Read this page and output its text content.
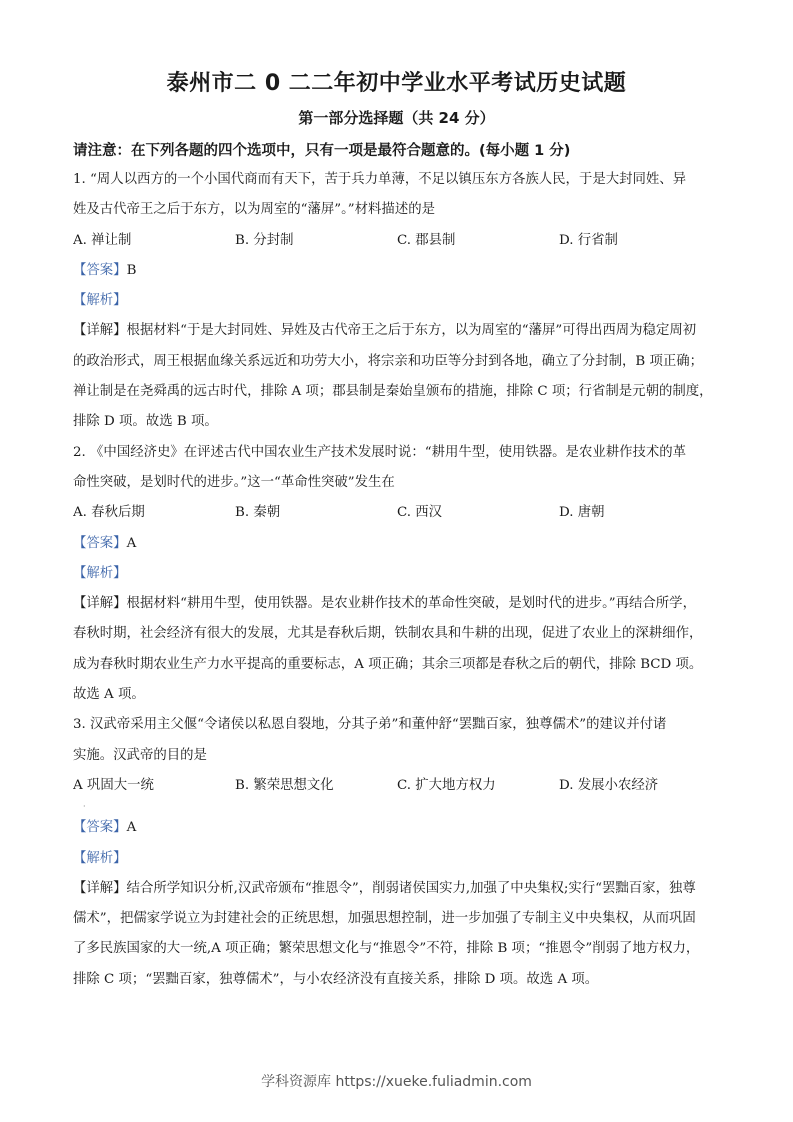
泰州市二 0 二二年初中学业水平考试历史试题
第一部分选择题（共 24 分）
请注意：在下列各题的四个选项中，只有一项是最符合题意的。(每小题 1 分)
1. “周人以西方的一个小国代商而有天下，苦于兵力单薄，不足以镇压东方各族人民，于是大封同姓、异
姓及古代帝王之后于东方，以为周室的“藩屏”。”材料描述的是
A. 禅让制	B. 分封制	C. 郡县制	D. 行省制
【答案】B
【解析】
【详解】根据材料“于是大封同姓、异姓及古代帝王之后于东方，以为周室的“藩屏”可得出西周为稳定周初
的政治形式，周王根据血缘关系远近和功劳大小，将宗亲和功臣等分封到各地，确立了分封制，B 项正确；
禅让制是在尧舜禹的远古时代，排除 A 项；郡县制是秦始皇颁布的措施，排除 C 项；行省制是元朝的制度，
排除 D 项。故选 B 项。
2. 《中国经济史》在评述古代中国农业生产技术发展时说：“耕用牛型，使用铁器。是农业耕作技术的革
命性突破，是划时代的进步。”这一“革命性突破”发生在
A. 春秋后期	B. 秦朝	C. 西汉	D. 唐朝
【答案】A
【解析】
【详解】根据材料“耕用牛型，使用铁器。是农业耕作技术的革命性突破，是划时代的进步。”再结合所学，
春秋时期，社会经济有很大的发展，尤其是春秋后期，铁制农具和牛耕的出现，促进了农业上的深耕细作，
成为春秋时期农业生产力水平提高的重要标志，A 项正确；其余三项都是春秋之后的朝代，排除 BCD 项。
故选 A 项。
3. 汉武帝采用主父偃“令诸侯以私恩自裂地，分其子弟”和董仲舒“罢黜百家，独尊儒术”的建议并付诸
实施。汉武帝的目的是
A 巩固大一统	B. 繁荣思想文化	C. 扩大地方权力	D. 发展小农经济
·
【答案】A
【解析】
【详解】结合所学知识分析,汉武帝颁布“推恩令”，削弱诸侯国实力,加强了中央集权;实行“罢黜百家，独尊
儒术”，把儒家学说立为封建社会的正统思想，加强思想控制，进一步加强了专制主义中央集权，从而巩固
了多民族国家的大一统,A 项正确；繁荣思想文化与“推恩令”不符，排除 B 项；“推恩令”削弱了地方权力，
排除 C 项；“罢黜百家，独尊儒术”，与小农经济没有直接关系，排除 D 项。故选 A 项。
学科资源库 https://xueke.fuliadmin.com
